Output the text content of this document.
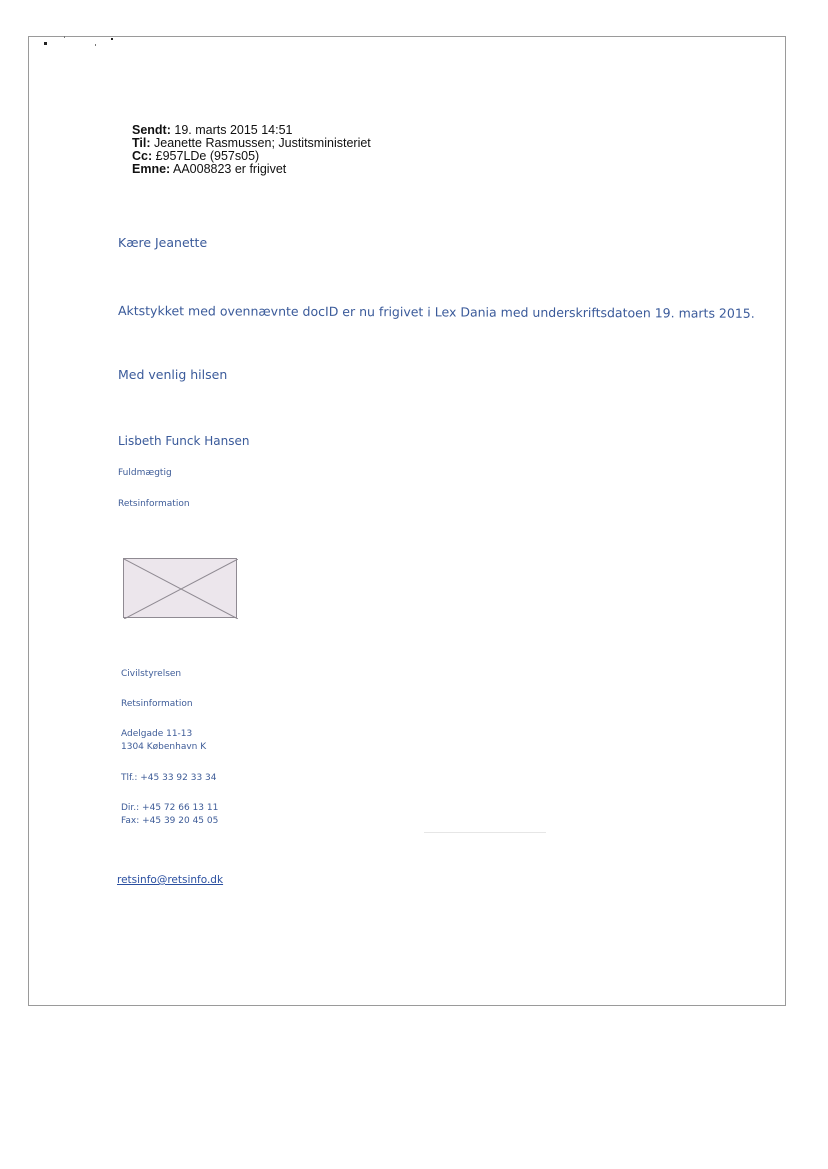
Sendt: 19. marts 2015 14:51
Til: Jeanette Rasmussen; Justitsministeriet
Cc: £957LDe (957s05)
Emne: AA008823 er frigivet
Kære Jeanette
Aktstykket med ovennævnte docID er nu frigivet i Lex Dania med underskriftsdatoen 19. marts 2015.
Med venlig hilsen
Lisbeth Funck Hansen
Fuldmægtig
Retsinformation
Civilstyrelsen
Retsinformation
Adelgade 11-13
1304 København K
Tlf.: +45 33 92 33 34
Dir.: +45 72 66 13 11
Fax: +45 39 20 45 05
retsinfo@retsinfo.dk
